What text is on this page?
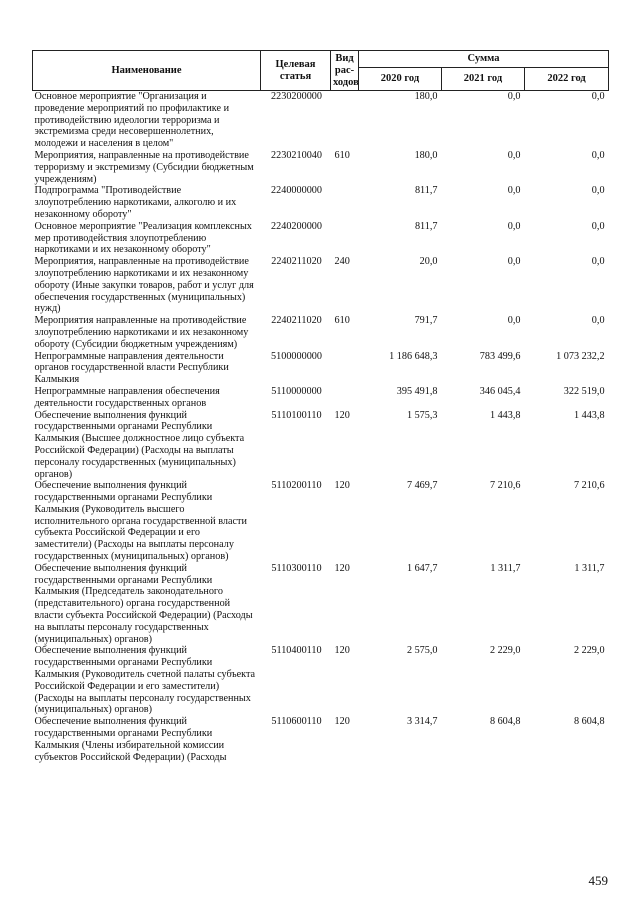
Наименование	Целевая статья	Вид рас-ходов	Сумма		
			2020 год	2021 год	2022 год
Основное мероприятие "Организация и проведение мероприятий по профилактике и противодействию идеологии терроризма и экстремизма среди несовершеннолетних, молодежи и населения в целом"	2230200000		180,0	0,0	0,0
Мероприятия, направленные на противодействие терроризму и экстремизму (Субсидии бюджетным учреждениям)	2230210040	610	180,0	0,0	0,0
Подпрограмма "Противодействие злоупотреблению наркотиками, алкоголю и их незаконному обороту"	2240000000		811,7	0,0	0,0
Основное мероприятие "Реализация комплексных мер противодействия злоупотреблению наркотиками и их незаконному обороту"	2240200000		811,7	0,0	0,0
Мероприятия, направленные на противодействие злоупотреблению наркотиками и их незаконному обороту (Иные закупки товаров, работ и услуг для обеспечения государственных (муниципальных) нужд)	2240211020	240	20,0	0,0	0,0
Мероприятия направленные на противодействие злоупотреблению наркотиками и их незаконному обороту (Субсидии бюджетным учреждениям)	2240211020	610	791,7	0,0	0,0
Непрограммные направления деятельности органов государственной власти Республики Калмыкия	5100000000		1 186 648,3	783 499,6	1 073 232,2
Непрограммные направления обеспечения деятельности государственных органов	5110000000		395 491,8	346 045,4	322 519,0
Обеспечение выполнения функций государственными органами Республики Калмыкия (Высшее должностное лицо субъекта Российской Федерации) (Расходы на выплаты персоналу государственных (муниципальных) органов)	5110100110	120	1 575,3	1 443,8	1 443,8
Обеспечение выполнения функций государственными органами Республики Калмыкия (Руководитель высшего исполнительного органа государственной власти субъекта Российской Федерации и его заместители) (Расходы на выплаты персоналу государственных (муниципальных) органов)	5110200110	120	7 469,7	7 210,6	7 210,6
Обеспечение выполнения функций государственными органами Республики Калмыкия (Председатель законодательного (представительного) органа государственной власти субъекта Российской Федерации) (Расходы на выплаты персоналу государственных (муниципальных) органов)	5110300110	120	1 647,7	1 311,7	1 311,7
Обеспечение выполнения функций государственными органами Республики Калмыкия (Руководитель счетной палаты субъекта Российской Федерации и его заместители) (Расходы на выплаты персоналу государственных (муниципальных) органов)	5110400110	120	2 575,0	2 229,0	2 229,0
Обеспечение выполнения функций государственными органами Республики Калмыкия (Члены избирательной комиссии субъектов Российской Федерации) (Расходы	5110600110	120	3 314,7	8 604,8	8 604,8
459
